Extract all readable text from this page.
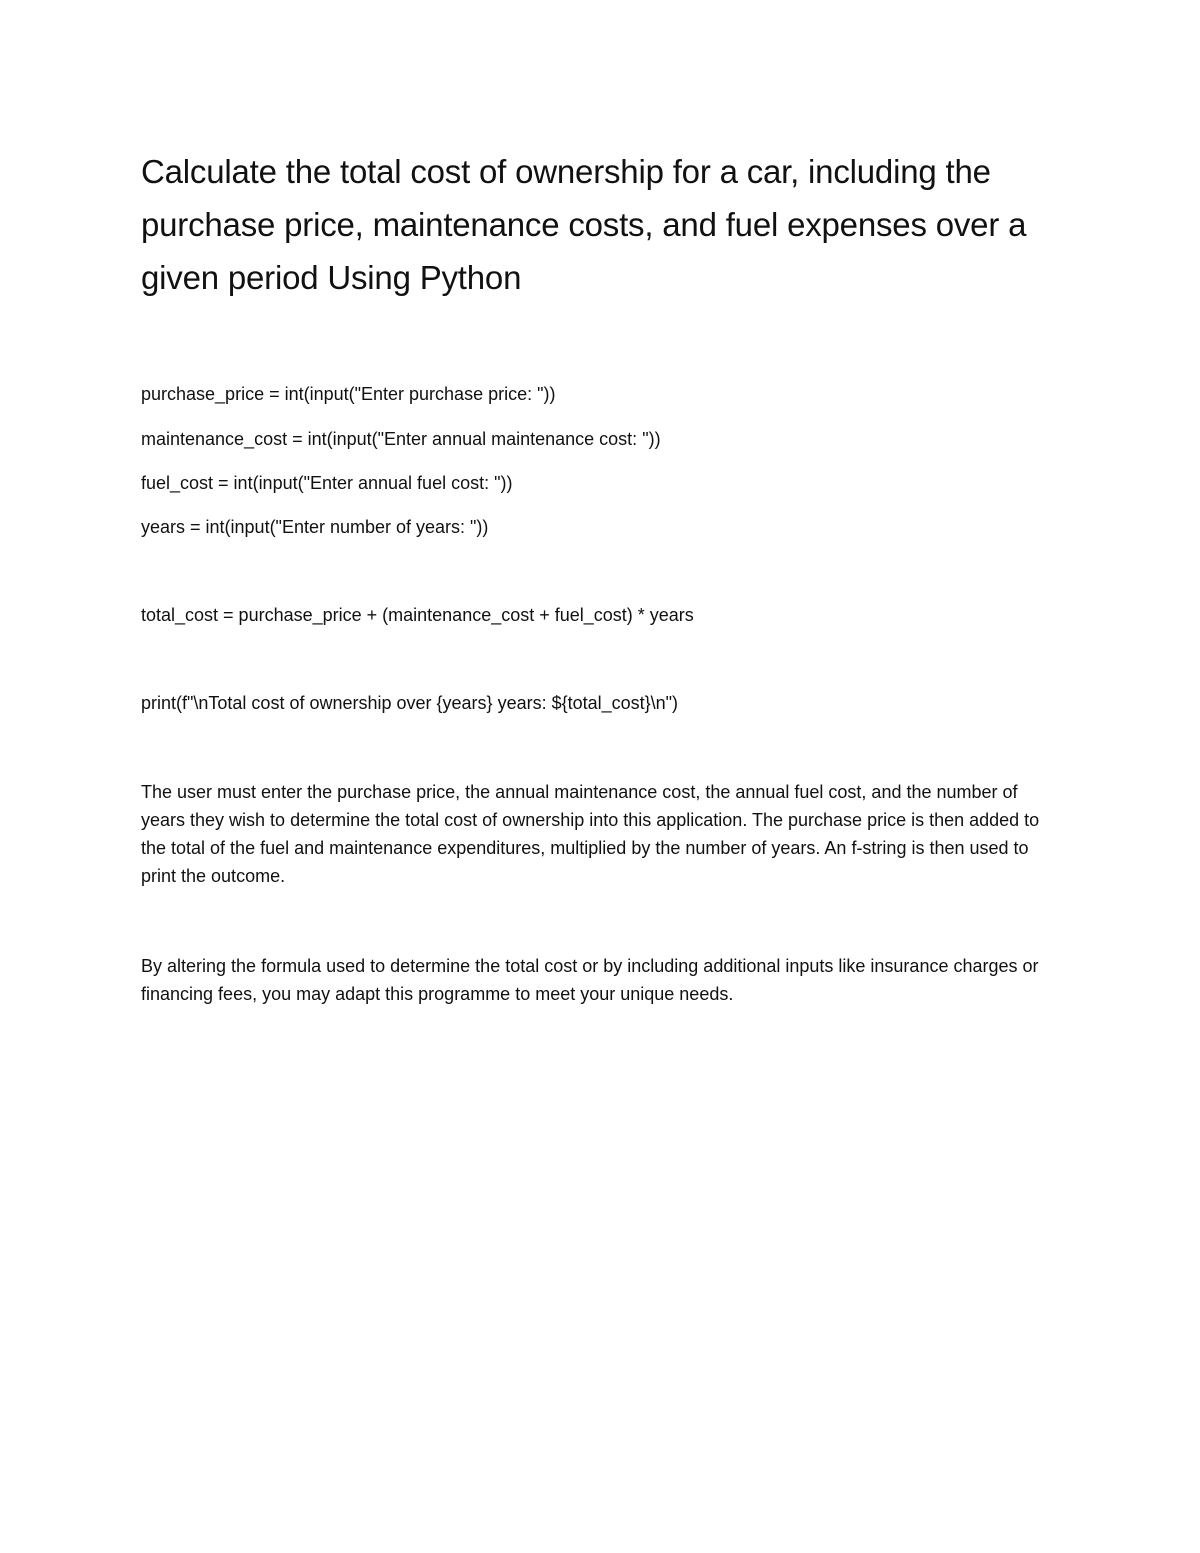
Calculate the total cost of ownership for a car, including the purchase price, maintenance costs, and fuel expenses over a given period Using Python

purchase_price = int(input("Enter purchase price: "))

maintenance_cost = int(input("Enter annual maintenance cost: "))

fuel_cost = int(input("Enter annual fuel cost: "))

years = int(input("Enter number of years: "))

total_cost = purchase_price + (maintenance_cost + fuel_cost) * years

print(f"\nTotal cost of ownership over {years} years: ${total_cost}\n")

The user must enter the purchase price, the annual maintenance cost, the annual fuel cost, and the number of years they wish to determine the total cost of ownership into this application. The purchase price is then added to the total of the fuel and maintenance expenditures, multiplied by the number of years. An f-string is then used to print the outcome.

By altering the formula used to determine the total cost or by including additional inputs like insurance charges or financing fees, you may adapt this programme to meet your unique needs.
